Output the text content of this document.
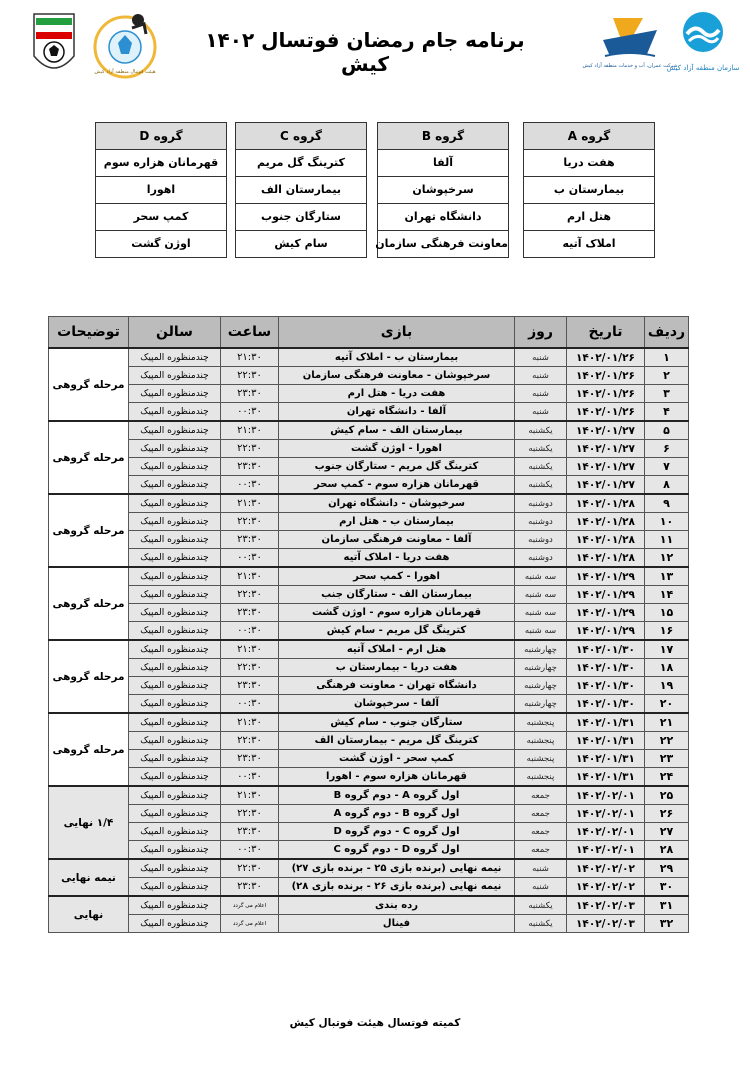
سازمان منطقه آزاد کیش
شرکت عمران، آب و خدمات منطقه آزاد کیش
برنامه جام رمضان فوتسال ۱۴۰۲ کیش
هیئت فوتبال منطقه آزاد کیش
گروه A
هفت دریا
بیمارستان ب
هتل ارم
املاک آتیه
گروه B
آلفا
سرخپوشان
دانشگاه تهران
معاونت فرهنگی سازمان
گروه C
کترینگ گل مریم
بیمارستان الف
ستارگان جنوب
سام کیش
گروه D
قهرمانان هزاره سوم
اهورا
کمپ سحر
اوژن گشت
ردیف	تاریخ	روز	بازی	ساعت	سالن	توضیحات
۱	۱۴۰۲/۰۱/۲۶	شنبه	بیمارستان ب - املاک آتیه	۲۱:۳۰	چندمنظوره المپیک	مرحله گروهی
۲	۱۴۰۲/۰۱/۲۶	شنبه	سرخپوشان - معاونت فرهنگی سازمان	۲۲:۳۰	چندمنظوره المپیک	
۳	۱۴۰۲/۰۱/۲۶	شنبه	هفت دریا - هتل ارم	۲۳:۳۰	چندمنظوره المپیک	
۴	۱۴۰۲/۰۱/۲۶	شنبه	آلفا - دانشگاه تهران	۰۰:۳۰	چندمنظوره المپیک	
۵	۱۴۰۲/۰۱/۲۷	یکشنبه	بیمارستان الف - سام کیش	۲۱:۳۰	چندمنظوره المپیک	مرحله گروهی
۶	۱۴۰۲/۰۱/۲۷	یکشنبه	اهورا - اوژن گشت	۲۲:۳۰	چندمنظوره المپیک	
۷	۱۴۰۲/۰۱/۲۷	یکشنبه	کترینگ گل مریم - ستارگان جنوب	۲۳:۳۰	چندمنظوره المپیک	
۸	۱۴۰۲/۰۱/۲۷	یکشنبه	قهرمانان هزاره سوم - کمپ سحر	۰۰:۳۰	چندمنظوره المپیک	
۹	۱۴۰۲/۰۱/۲۸	دوشنبه	سرخپوشان - دانشگاه تهران	۲۱:۳۰	چندمنظوره المپیک	مرحله گروهی
۱۰	۱۴۰۲/۰۱/۲۸	دوشنبه	بیمارستان ب - هتل ارم	۲۲:۳۰	چندمنظوره المپیک	
۱۱	۱۴۰۲/۰۱/۲۸	دوشنبه	آلفا - معاونت فرهنگی سازمان	۲۳:۳۰	چندمنظوره المپیک	
۱۲	۱۴۰۲/۰۱/۲۸	دوشنبه	هفت دریا - املاک آتیه	۰۰:۳۰	چندمنظوره المپیک	
۱۳	۱۴۰۲/۰۱/۲۹	سه شنبه	اهورا - کمپ سحر	۲۱:۳۰	چندمنظوره المپیک	مرحله گروهی
۱۴	۱۴۰۲/۰۱/۲۹	سه شنبه	بیمارستان الف - ستارگان جنب	۲۲:۳۰	چندمنظوره المپیک	
۱۵	۱۴۰۲/۰۱/۲۹	سه شنبه	قهرمانان هزاره سوم - اوژن گشت	۲۳:۳۰	چندمنظوره المپیک	
۱۶	۱۴۰۲/۰۱/۲۹	سه شنبه	کترینگ گل مریم - سام کیش	۰۰:۳۰	چندمنظوره المپیک	
۱۷	۱۴۰۲/۰۱/۳۰	چهارشنبه	هتل ارم - املاک آتیه	۲۱:۳۰	چندمنظوره المپیک	مرحله گروهی
۱۸	۱۴۰۲/۰۱/۳۰	چهارشنبه	هفت دریا - بیمارستان ب	۲۲:۳۰	چندمنظوره المپیک	
۱۹	۱۴۰۲/۰۱/۳۰	چهارشنبه	دانشگاه تهران - معاونت فرهنگی	۲۳:۳۰	چندمنظوره المپیک	
۲۰	۱۴۰۲/۰۱/۳۰	چهارشنبه	آلفا - سرخپوشان	۰۰:۳۰	چندمنظوره المپیک	
۲۱	۱۴۰۲/۰۱/۳۱	پنجشنبه	ستارگان جنوب - سام کیش	۲۱:۳۰	چندمنظوره المپیک	مرحله گروهی
۲۲	۱۴۰۲/۰۱/۳۱	پنجشنبه	کترینگ گل مریم - بیمارستان الف	۲۲:۳۰	چندمنظوره المپیک	
۲۳	۱۴۰۲/۰۱/۳۱	پنجشنبه	کمپ سحر - اوژن گشت	۲۳:۳۰	چندمنظوره المپیک	
۲۴	۱۴۰۲/۰۱/۳۱	پنجشنبه	قهرمانان هزاره سوم - اهورا	۰۰:۳۰	چندمنظوره المپیک	
۲۵	۱۴۰۲/۰۲/۰۱	جمعه	اول گروه A - دوم گروه B	۲۱:۳۰	چندمنظوره المپیک	۱/۴ نهایی
۲۶	۱۴۰۲/۰۲/۰۱	جمعه	اول گروه B - دوم گروه A	۲۲:۳۰	چندمنظوره المپیک	
۲۷	۱۴۰۲/۰۲/۰۱	جمعه	اول گروه C - دوم گروه D	۲۳:۳۰	چندمنظوره المپیک	
۲۸	۱۴۰۲/۰۲/۰۱	جمعه	اول گروه D - دوم گروه C	۰۰:۳۰	چندمنظوره المپیک	
۲۹	۱۴۰۲/۰۲/۰۲	شنبه	نیمه نهایی (برنده بازی ۲۵ - برنده بازی ۲۷)	۲۲:۳۰	چندمنظوره المپیک	نیمه نهایی
۳۰	۱۴۰۲/۰۲/۰۲	شنبه	نیمه نهایی (برنده بازی ۲۶ - برنده بازی ۲۸)	۲۳:۳۰	چندمنظوره المپیک	
۳۱	۱۴۰۲/۰۲/۰۳	یکشنبه	رده بندی	اعلام می گردد	چندمنظوره المپیک	نهایی
۳۲	۱۴۰۲/۰۲/۰۳	یکشنبه	فینال	اعلام می گردد	چندمنظوره المپیک	
کمیته فوتسال هیئت فوتبال کیش
